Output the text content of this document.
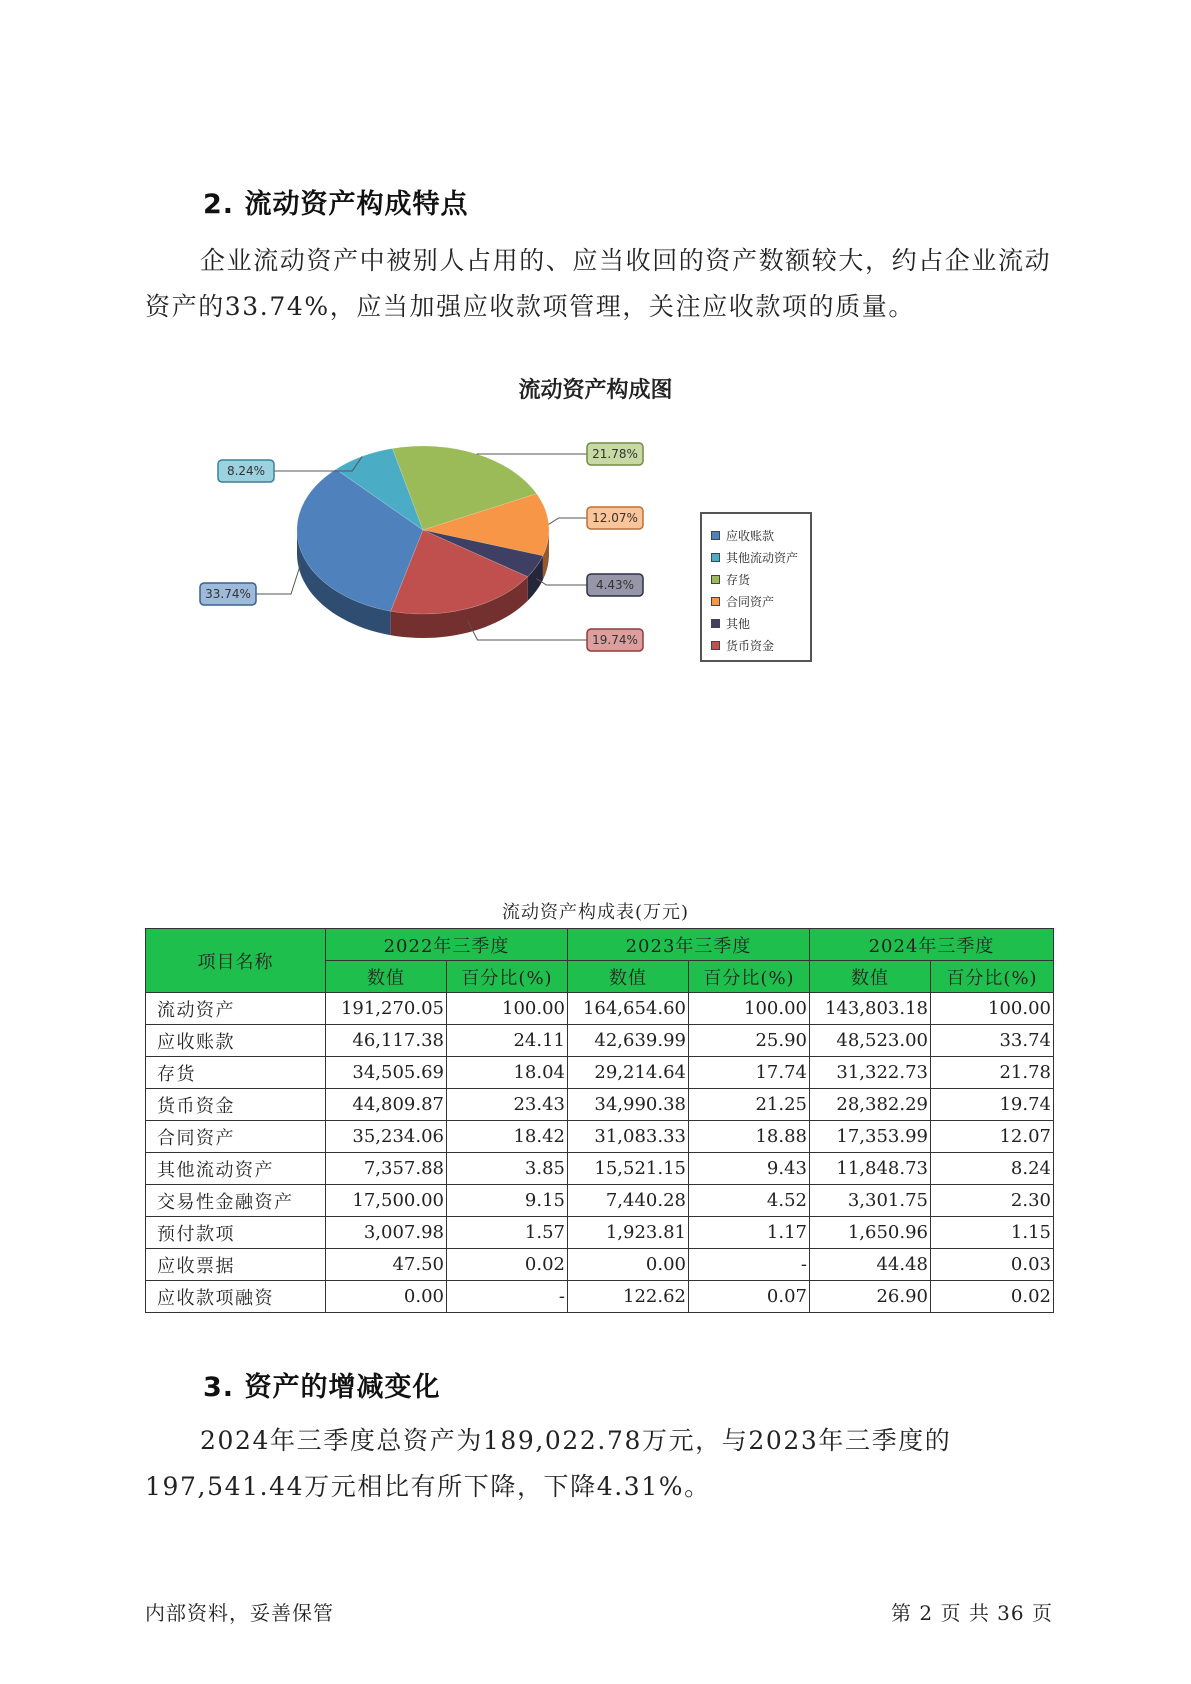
2. 流动资产构成特点

企业流动资产中被别人占用的、应当收回的资产数额较大，约占企业流动资产的33.74%，应当加强应收款项管理，关注应收款项的质量。

流动资产构成图
33.74%
8.24%
21.78%
12.07%
4.43%
19.74%
应收账款
其他流动资产
存货
合同资产
其他
货币资金
流动资产构成表(万元)
项目名称	2022年三季度		2023年三季度		2024年三季度	
	数值	百分比(%)	数值	百分比(%)	数值	百分比(%)
流动资产	191,270.05	100.00	164,654.60	100.00	143,803.18	100.00
应收账款	46,117.38	24.11	42,639.99	25.90	48,523.00	33.74
存货	34,505.69	18.04	29,214.64	17.74	31,322.73	21.78
货币资金	44,809.87	23.43	34,990.38	21.25	28,382.29	19.74
合同资产	35,234.06	18.42	31,083.33	18.88	17,353.99	12.07
其他流动资产	7,357.88	3.85	15,521.15	9.43	11,848.73	8.24
交易性金融资产	17,500.00	9.15	7,440.28	4.52	3,301.75	2.30
预付款项	3,007.98	1.57	1,923.81	1.17	1,650.96	1.15
应收票据	47.50	0.02	0.00	-	44.48	0.03
应收款项融资	0.00	-	122.62	0.07	26.90	0.02
3. 资产的增减变化

2024年三季度总资产为189,022.78万元，与2023年三季度的197,541.44万元相比有所下降，下降4.31%。

内部资料，妥善保管	第 2 页 共 36 页
